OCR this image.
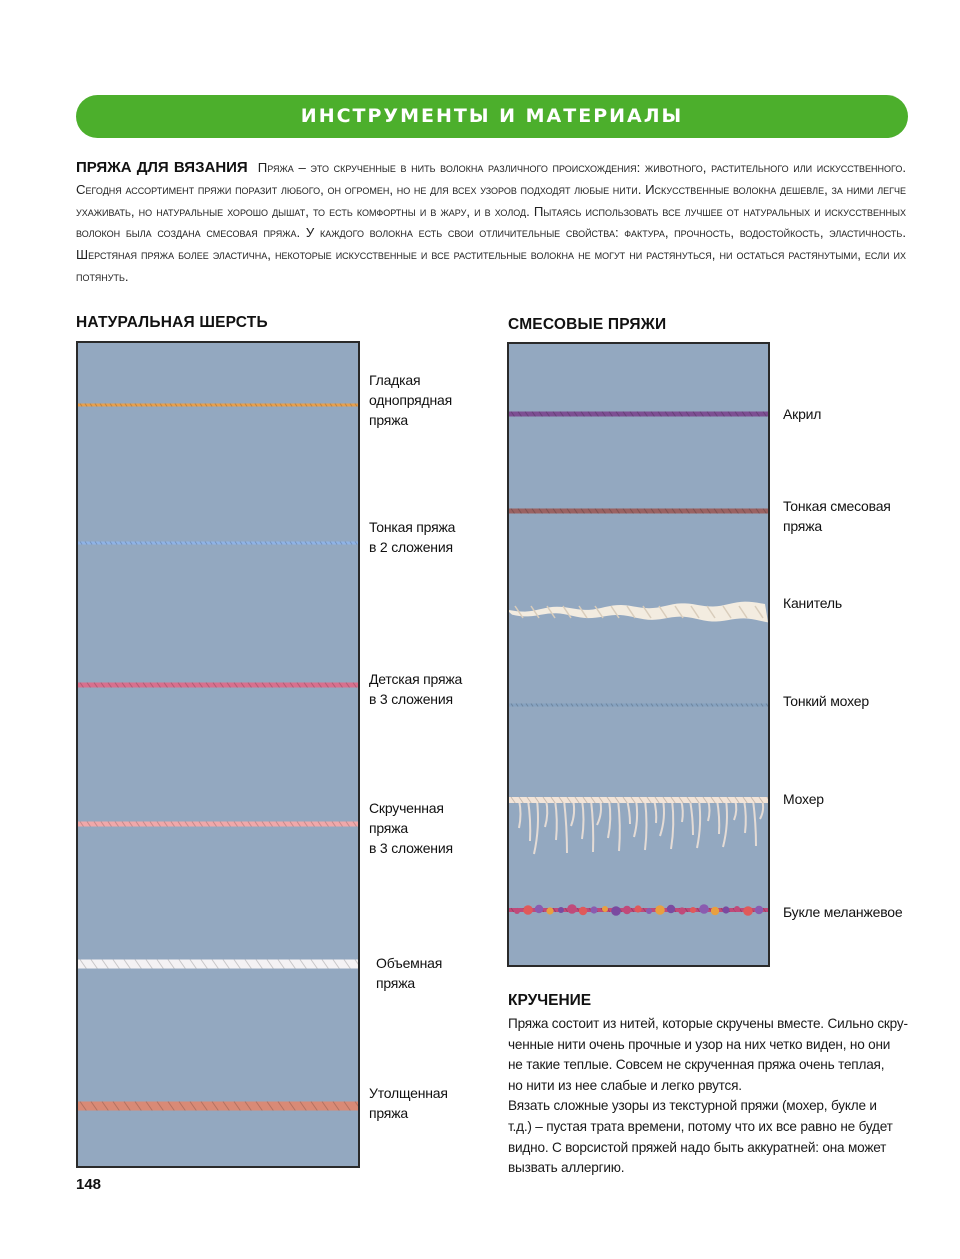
ИНСТРУМЕНТЫ И МАТЕРИАЛЫ
ПРЯЖА ДЛЯ ВЯЗАНИЯ Пряжа – это скрученные в нить волокна различного происхождения: животного, растительного или искусственного. Сегодня ассортимент пряжи поразит любого, он огромен, но не для всех узоров подходят любые нити. Искусственные волокна дешевле, за ними легче ухаживать, но натуральные хорошо дышат, то есть комфортны и в жару, и в холод. Пытаясь использовать все лучшее от натуральных и искусственных волокон была создана смесовая пряжа. У каждого волокна есть свои отличительные свойства: фактура, прочность, водостойкость, эластичность. Шерстяная пряжа более эластична, некоторые искусственные и все растительные волокна не могут ни растянуться, ни остаться растянутыми, если их потянуть.
НАТУРАЛЬНАЯ ШЕРСТЬ
Гладкая
однопрядная
пряжа
Тонкая пряжа
в 2 сложения
Детская пряжа
в 3 сложения
Скрученная
пряжа
в 3 сложения
Объемная
пряжа
Утолщенная
пряжа
СМЕСОВЫЕ ПРЯЖИ
Акрил
Тонкая смесовая
пряжа
Канитель
Тонкий мохер
Мохер
Букле меланжевое
КРУЧЕНИЕ
Пряжа состоит из нитей, которые скручены вместе. Сильно скру-
ченные нити очень прочные и узор на них четко виден, но они
не такие теплые. Совсем не скрученная пряжа очень теплая,
но нити из нее слабые и легко рвутся.
Вязать сложные узоры из текстурной пряжи (мохер, букле и
т.д.) – пустая трата времени, потому что их все равно не будет
видно. С ворсистой пряжей надо быть аккуратней: она может
вызвать аллергию.
148
